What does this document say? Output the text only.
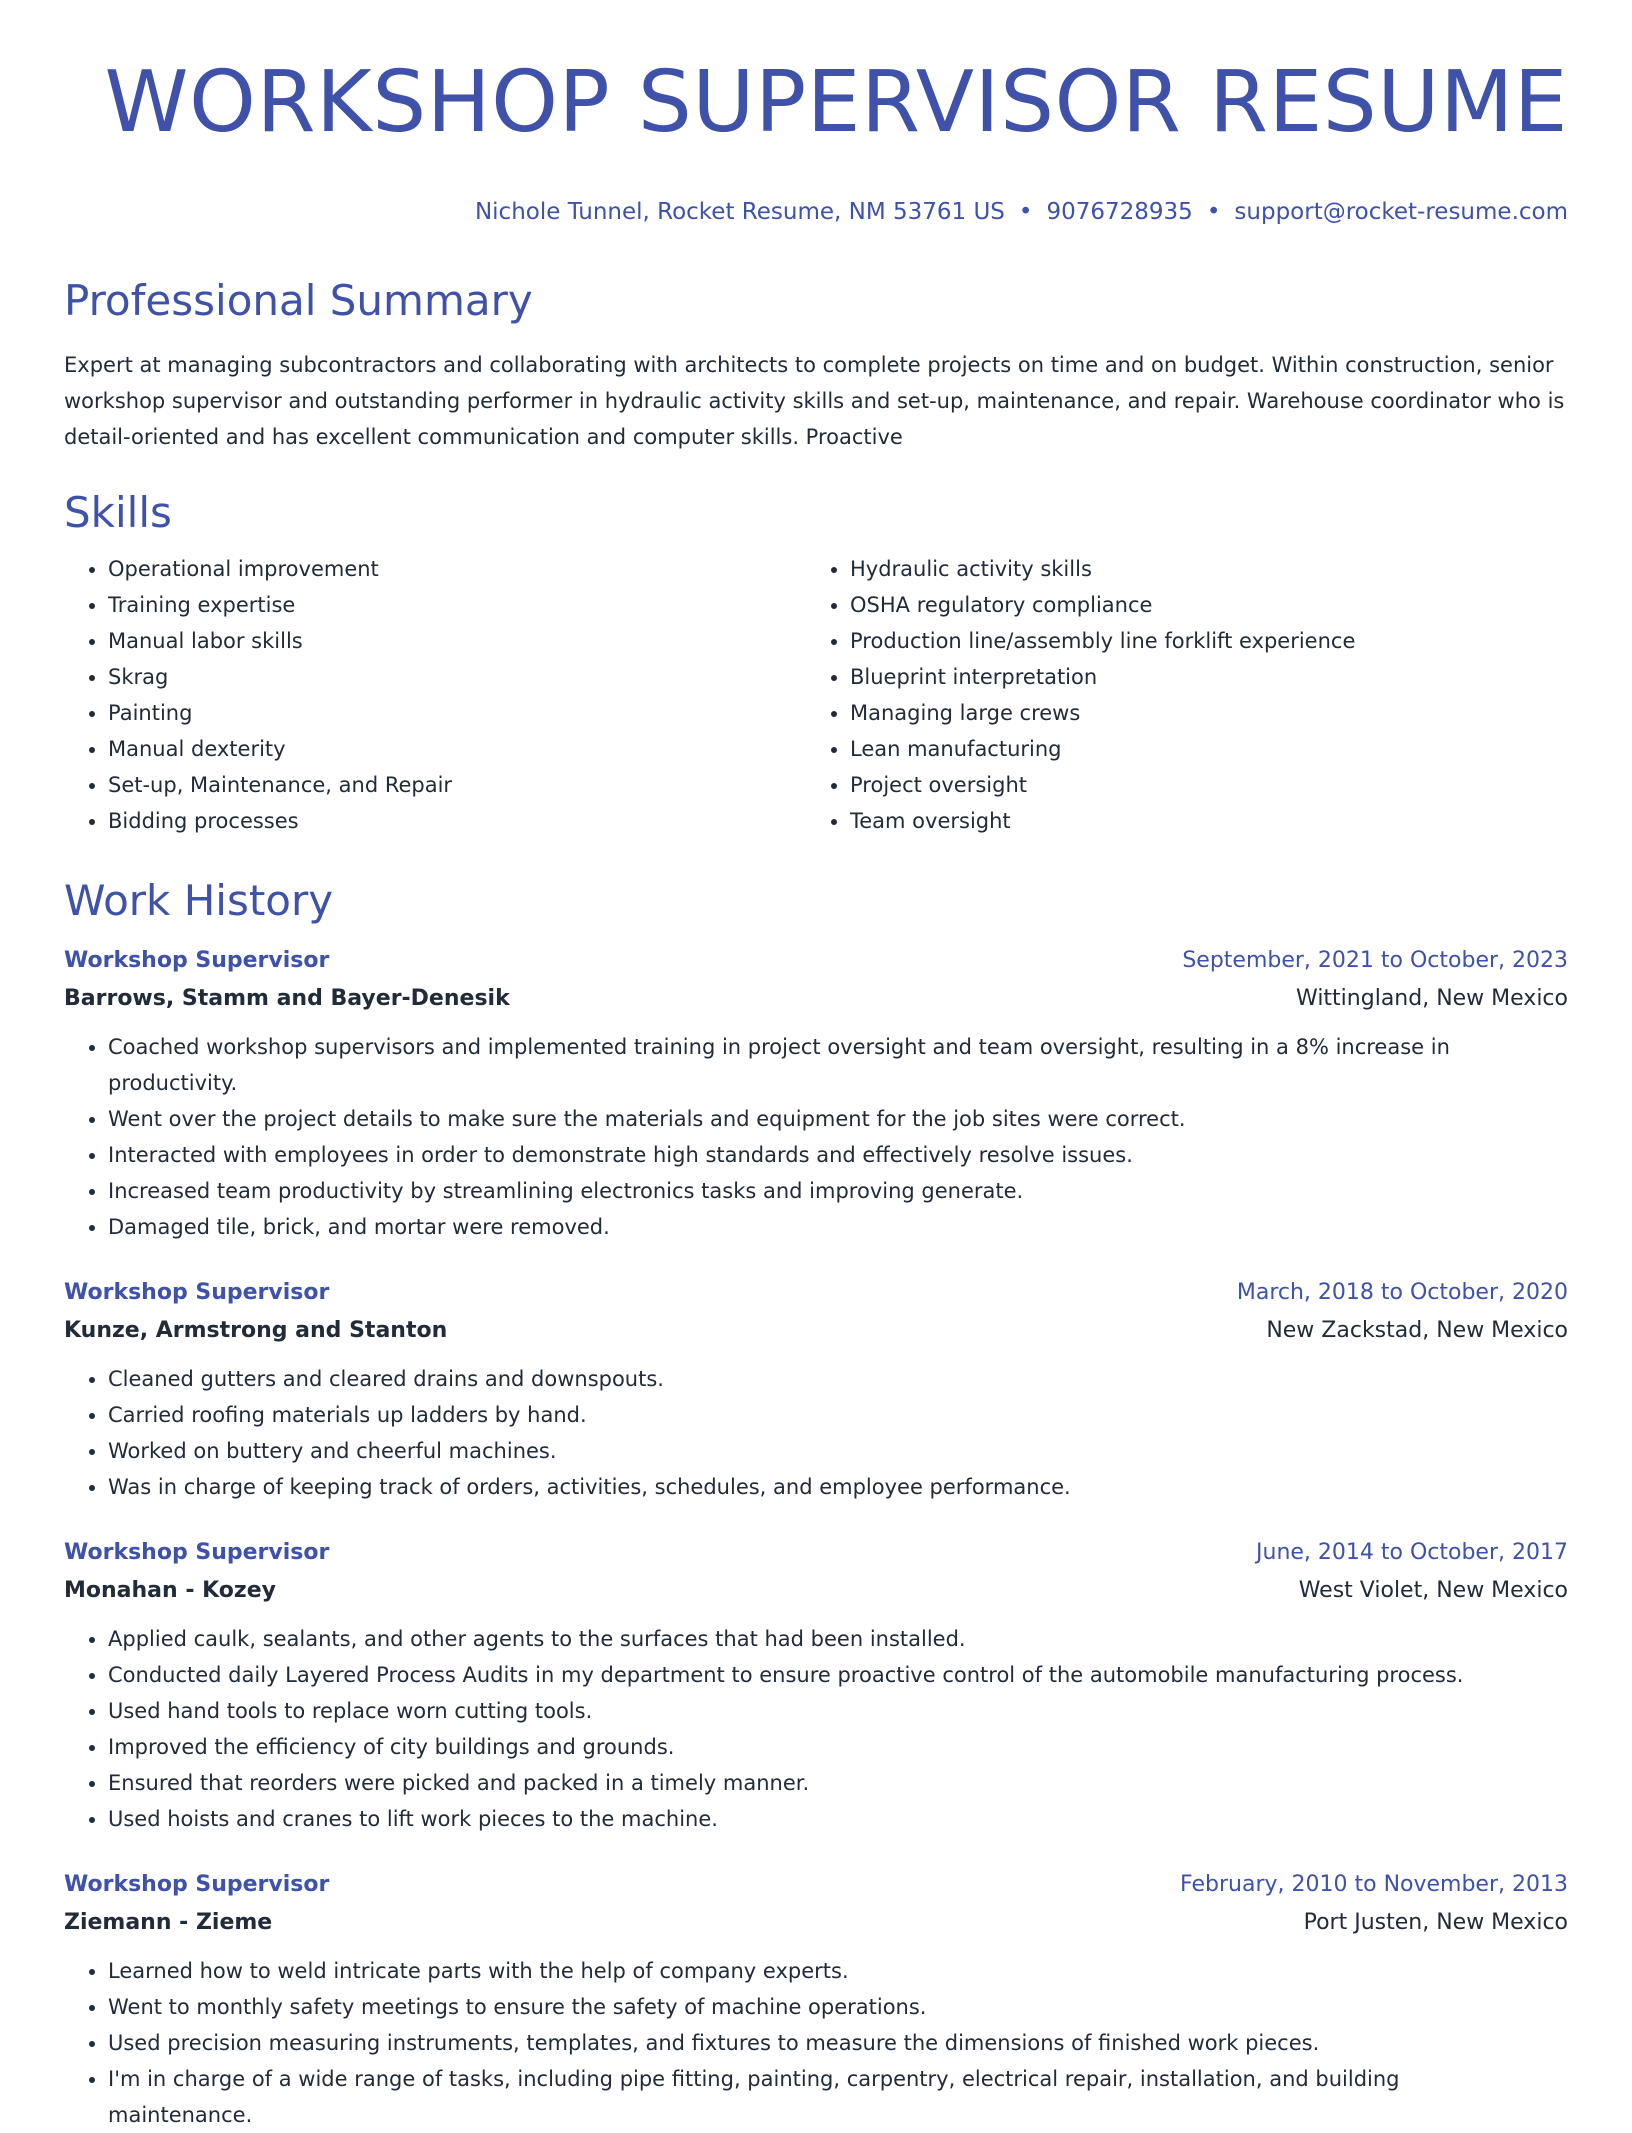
WORKSHOP SUPERVISOR RESUME
Nichole Tunnel, Rocket Resume, NM 53761 US • 9076728935 • support@rocket-resume.com
Professional Summary
Expert at managing subcontractors and collaborating with architects to complete projects on time and on budget. Within construction, senior workshop supervisor and outstanding performer in hydraulic activity skills and set-up, maintenance, and repair. Warehouse coordinator who is detail-oriented and has excellent communication and computer skills. Proactive
Skills
• Operational improvement
• Training expertise
• Manual labor skills
• Skrag
• Painting
• Manual dexterity
• Set-up, Maintenance, and Repair
• Bidding processes
• Hydraulic activity skills
• OSHA regulatory compliance
• Production line/assembly line forklift experience
• Blueprint interpretation
• Managing large crews
• Lean manufacturing
• Project oversight
• Team oversight
Work History
Workshop Supervisor	September, 2021 to October, 2023
Barrows, Stamm and Bayer-Denesik	Wittingland, New Mexico
• Coached workshop supervisors and implemented training in project oversight and team oversight, resulting in a 8% increase in productivity.
• Went over the project details to make sure the materials and equipment for the job sites were correct.
• Interacted with employees in order to demonstrate high standards and effectively resolve issues.
• Increased team productivity by streamlining electronics tasks and improving generate.
• Damaged tile, brick, and mortar were removed.
Workshop Supervisor	March, 2018 to October, 2020
Kunze, Armstrong and Stanton	New Zackstad, New Mexico
• Cleaned gutters and cleared drains and downspouts.
• Carried roofing materials up ladders by hand.
• Worked on buttery and cheerful machines.
• Was in charge of keeping track of orders, activities, schedules, and employee performance.
Workshop Supervisor	June, 2014 to October, 2017
Monahan - Kozey	West Violet, New Mexico
• Applied caulk, sealants, and other agents to the surfaces that had been installed.
• Conducted daily Layered Process Audits in my department to ensure proactive control of the automobile manufacturing process.
• Used hand tools to replace worn cutting tools.
• Improved the efficiency of city buildings and grounds.
• Ensured that reorders were picked and packed in a timely manner.
• Used hoists and cranes to lift work pieces to the machine.
Workshop Supervisor	February, 2010 to November, 2013
Ziemann - Zieme	Port Justen, New Mexico
• Learned how to weld intricate parts with the help of company experts.
• Went to monthly safety meetings to ensure the safety of machine operations.
• Used precision measuring instruments, templates, and fixtures to measure the dimensions of finished work pieces.
• I'm in charge of a wide range of tasks, including pipe fitting, painting, carpentry, electrical repair, installation, and building maintenance.
